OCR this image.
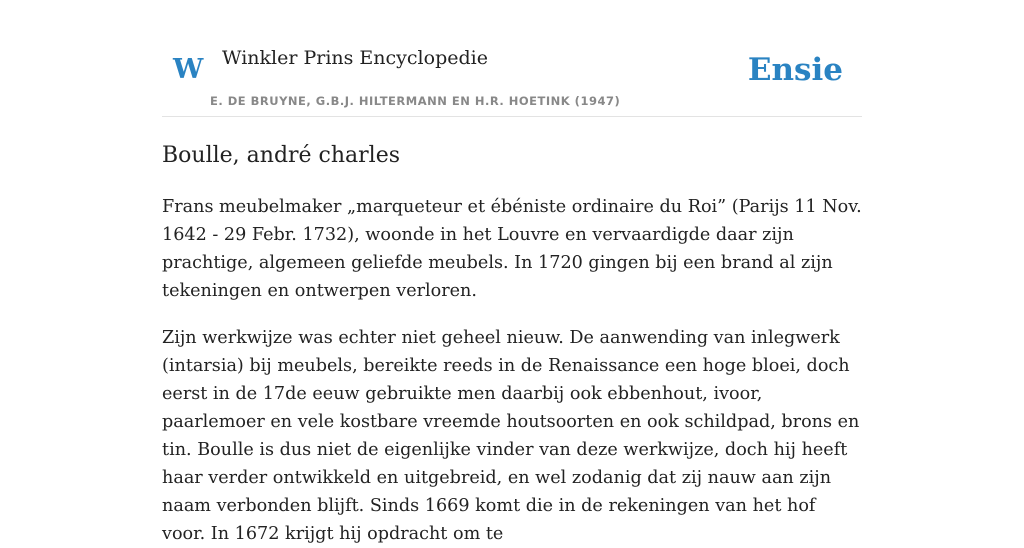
W Winkler Prins Encyclopedie
E. DE BRUYNE, G.B.J. HILTERMANN EN H.R. HOETINK (1947)
Ensie
Boulle, andré charles

Frans meubelmaker „marqueteur et ébéniste ordinaire du Roi” (Parijs 11 Nov. 1642 - 29 Febr. 1732), woonde in het Louvre en vervaardigde daar zijn prachtige, algemeen geliefde meubels. In 1720 gingen bij een brand al zijn tekeningen en ontwerpen verloren.

Zijn werkwijze was echter niet geheel nieuw. De aanwending van inlegwerk (intarsia) bij meubels, bereikte reeds in de Renaissance een hoge bloei, doch eerst in de 17de eeuw gebruikte men daarbij ook ebbenhout, ivoor, paarlemoer en vele kostbare vreemde houtsoorten en ook schildpad, brons en tin. Boulle is dus niet de eigenlijke vinder van deze werkwijze, doch hij heeft haar verder ontwikkeld en uitgebreid, en wel zodanig dat zij nauw aan zijn naam verbonden blijft. Sinds 1669 komt die in de rekeningen van het hof voor. In 1672 krijgt hij opdracht om te
